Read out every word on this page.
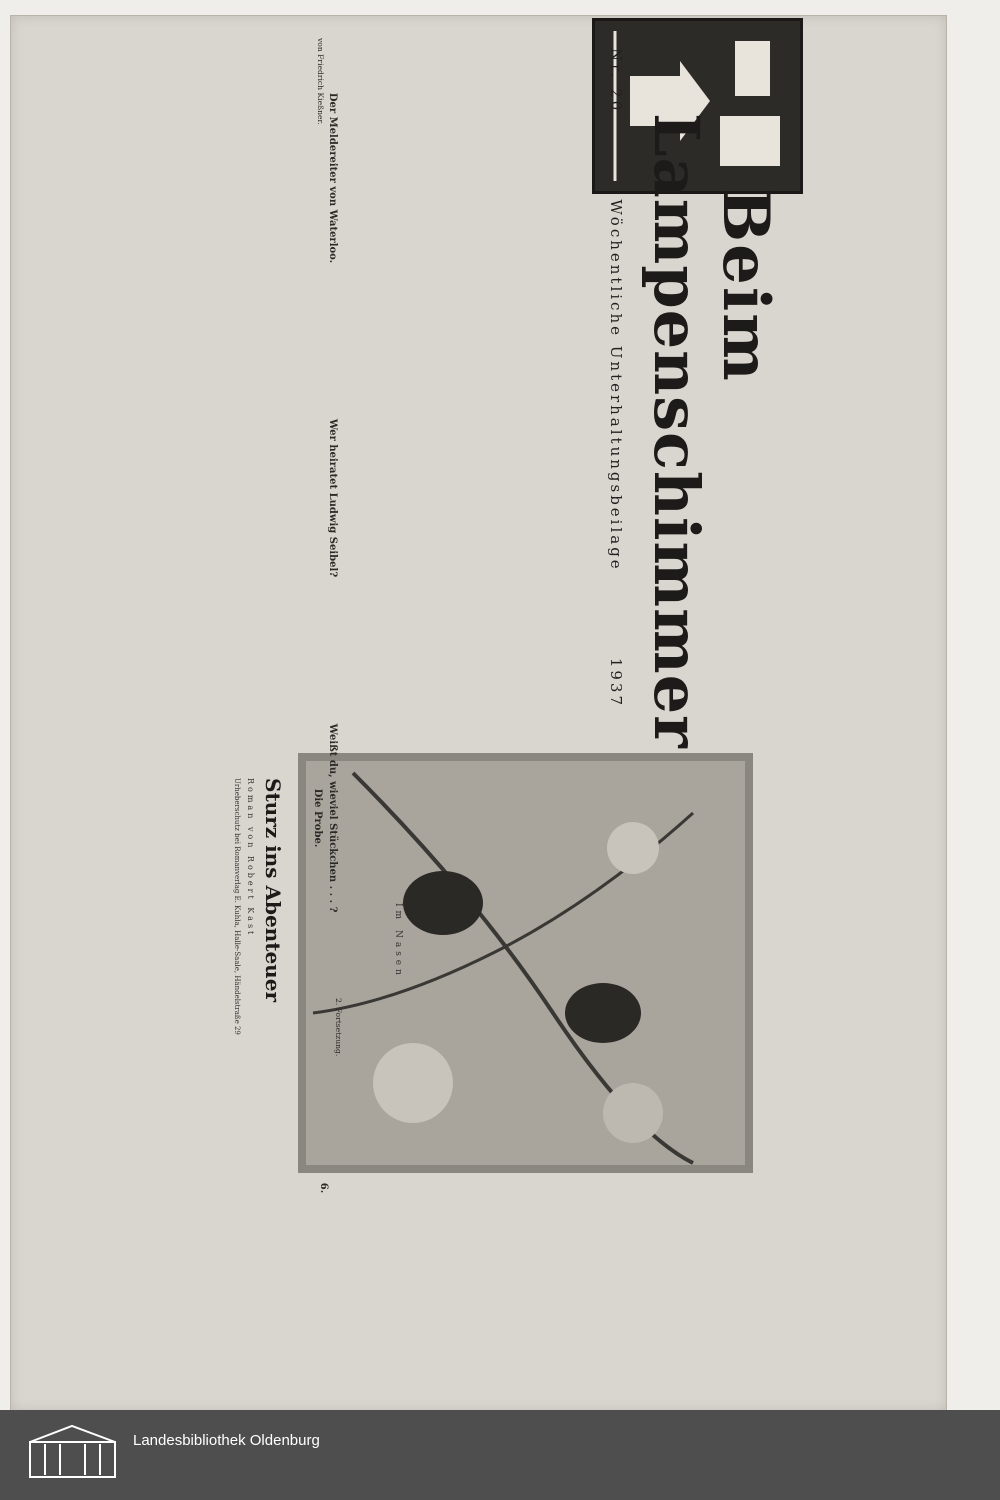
Beim
Lampenschimmer
Nr. 20
Wöchentliche Unterhaltungsbeilage
1937
Im Nasen
Sturz ins Abenteuer
Roman von Robert Kast
Urheberschutz bei Romanverlag E. Kuhla, Halle-Saale, Händelstraße 29
Der Meldereiter von Waterloo.

von Friedrich Kießner.

Wer heiratet Ludwig Seibel?
Weißt du, wieviel Stückchen . . . ?
Die Probe.

2. Fortsetzung.

6.
Landesbibliothek Oldenburg
